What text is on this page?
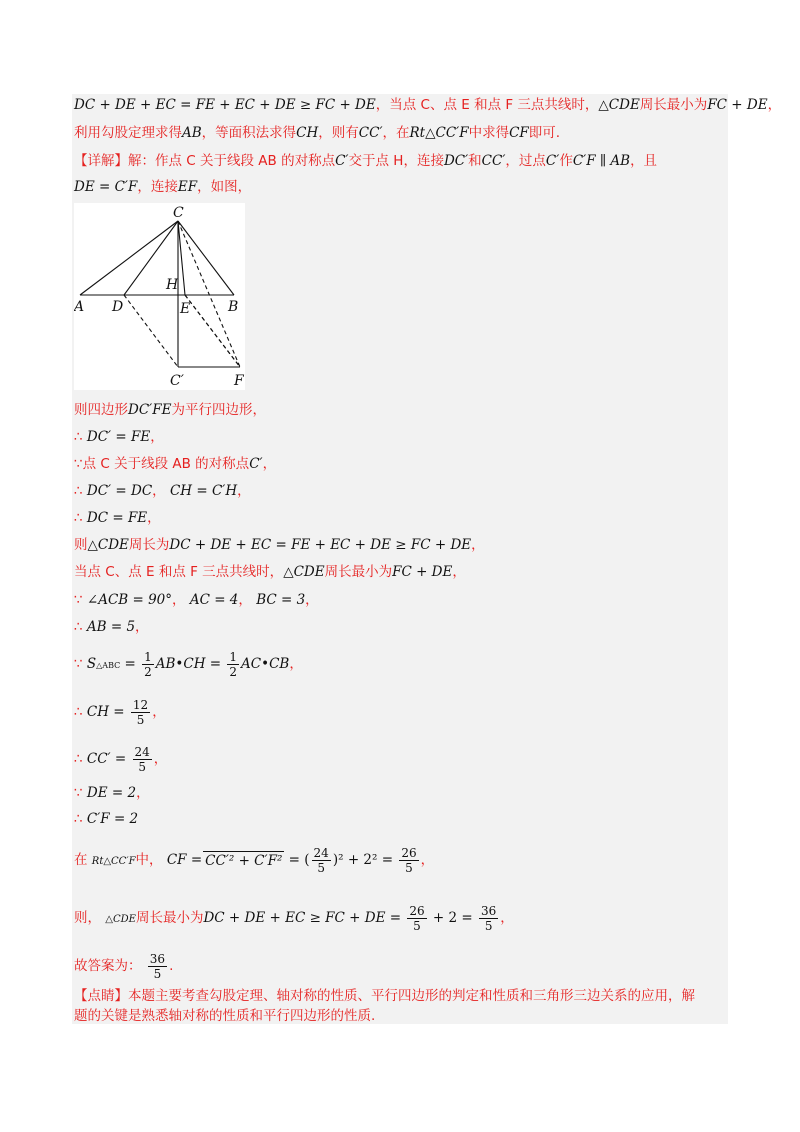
DC + DE + EC = FE + EC + DE ≥ FC + DE，当点 C、点 E 和点 F 三点共线时，△CDE周长最小为FC + DE，
利用勾股定理求得AB，等面积法求得CH，则有CC′，在Rt△CC′F中求得CF即可.
【详解】解：作点 C 关于线段 AB 的对称点C′交于点 H，连接DC′和CC′，过点C′作C′F ∥ AB，且
DE = C′F，连接EF，如图，
C
A D
H
E	B
C′	F
则四边形DC′FE为平行四边形，
∴ DC′ = FE，
∵点 C 关于线段 AB 的对称点C′，
∴ DC′ = DC， CH = C′H，
∴ DC = FE，
则△CDE周长为DC + DE + EC = FE + EC + DE ≥ FC + DE，
当点 C、点 E 和点 F 三点共线时，△CDE周长最小为FC + DE，
∵ ∠ACB = 90°， AC = 4， BC = 3，
∴ AB = 5，
∵ S△ABC = $\frac{1}{2}$ AB•CH = $\frac{1}{2}$ AC•CB，
∴ CH = $\frac{12}{5}$ ，
∴ $CC' = \frac{24}{5}$ ，
∵ DE = 2，
∴ C′F = 2
在 Rt△CC′F中， CF = CC′² + C′F² = ( $\frac{24}{5} )^2 + 2^2 = \frac{26}{5}$ ，
则， △CDE周长最小为DC + DE + EC ≥ FC + DE = $\frac{26}{5} + 2 = \frac{36}{5}$ ，
故答案为： $\frac{36}{5}$ .
【点睛】本题主要考查勾股定理、轴对称的性质、平行四边形的判定和性质和三角形三边关系的应用，解
题的关键是熟悉轴对称的性质和平行四边形的性质.
